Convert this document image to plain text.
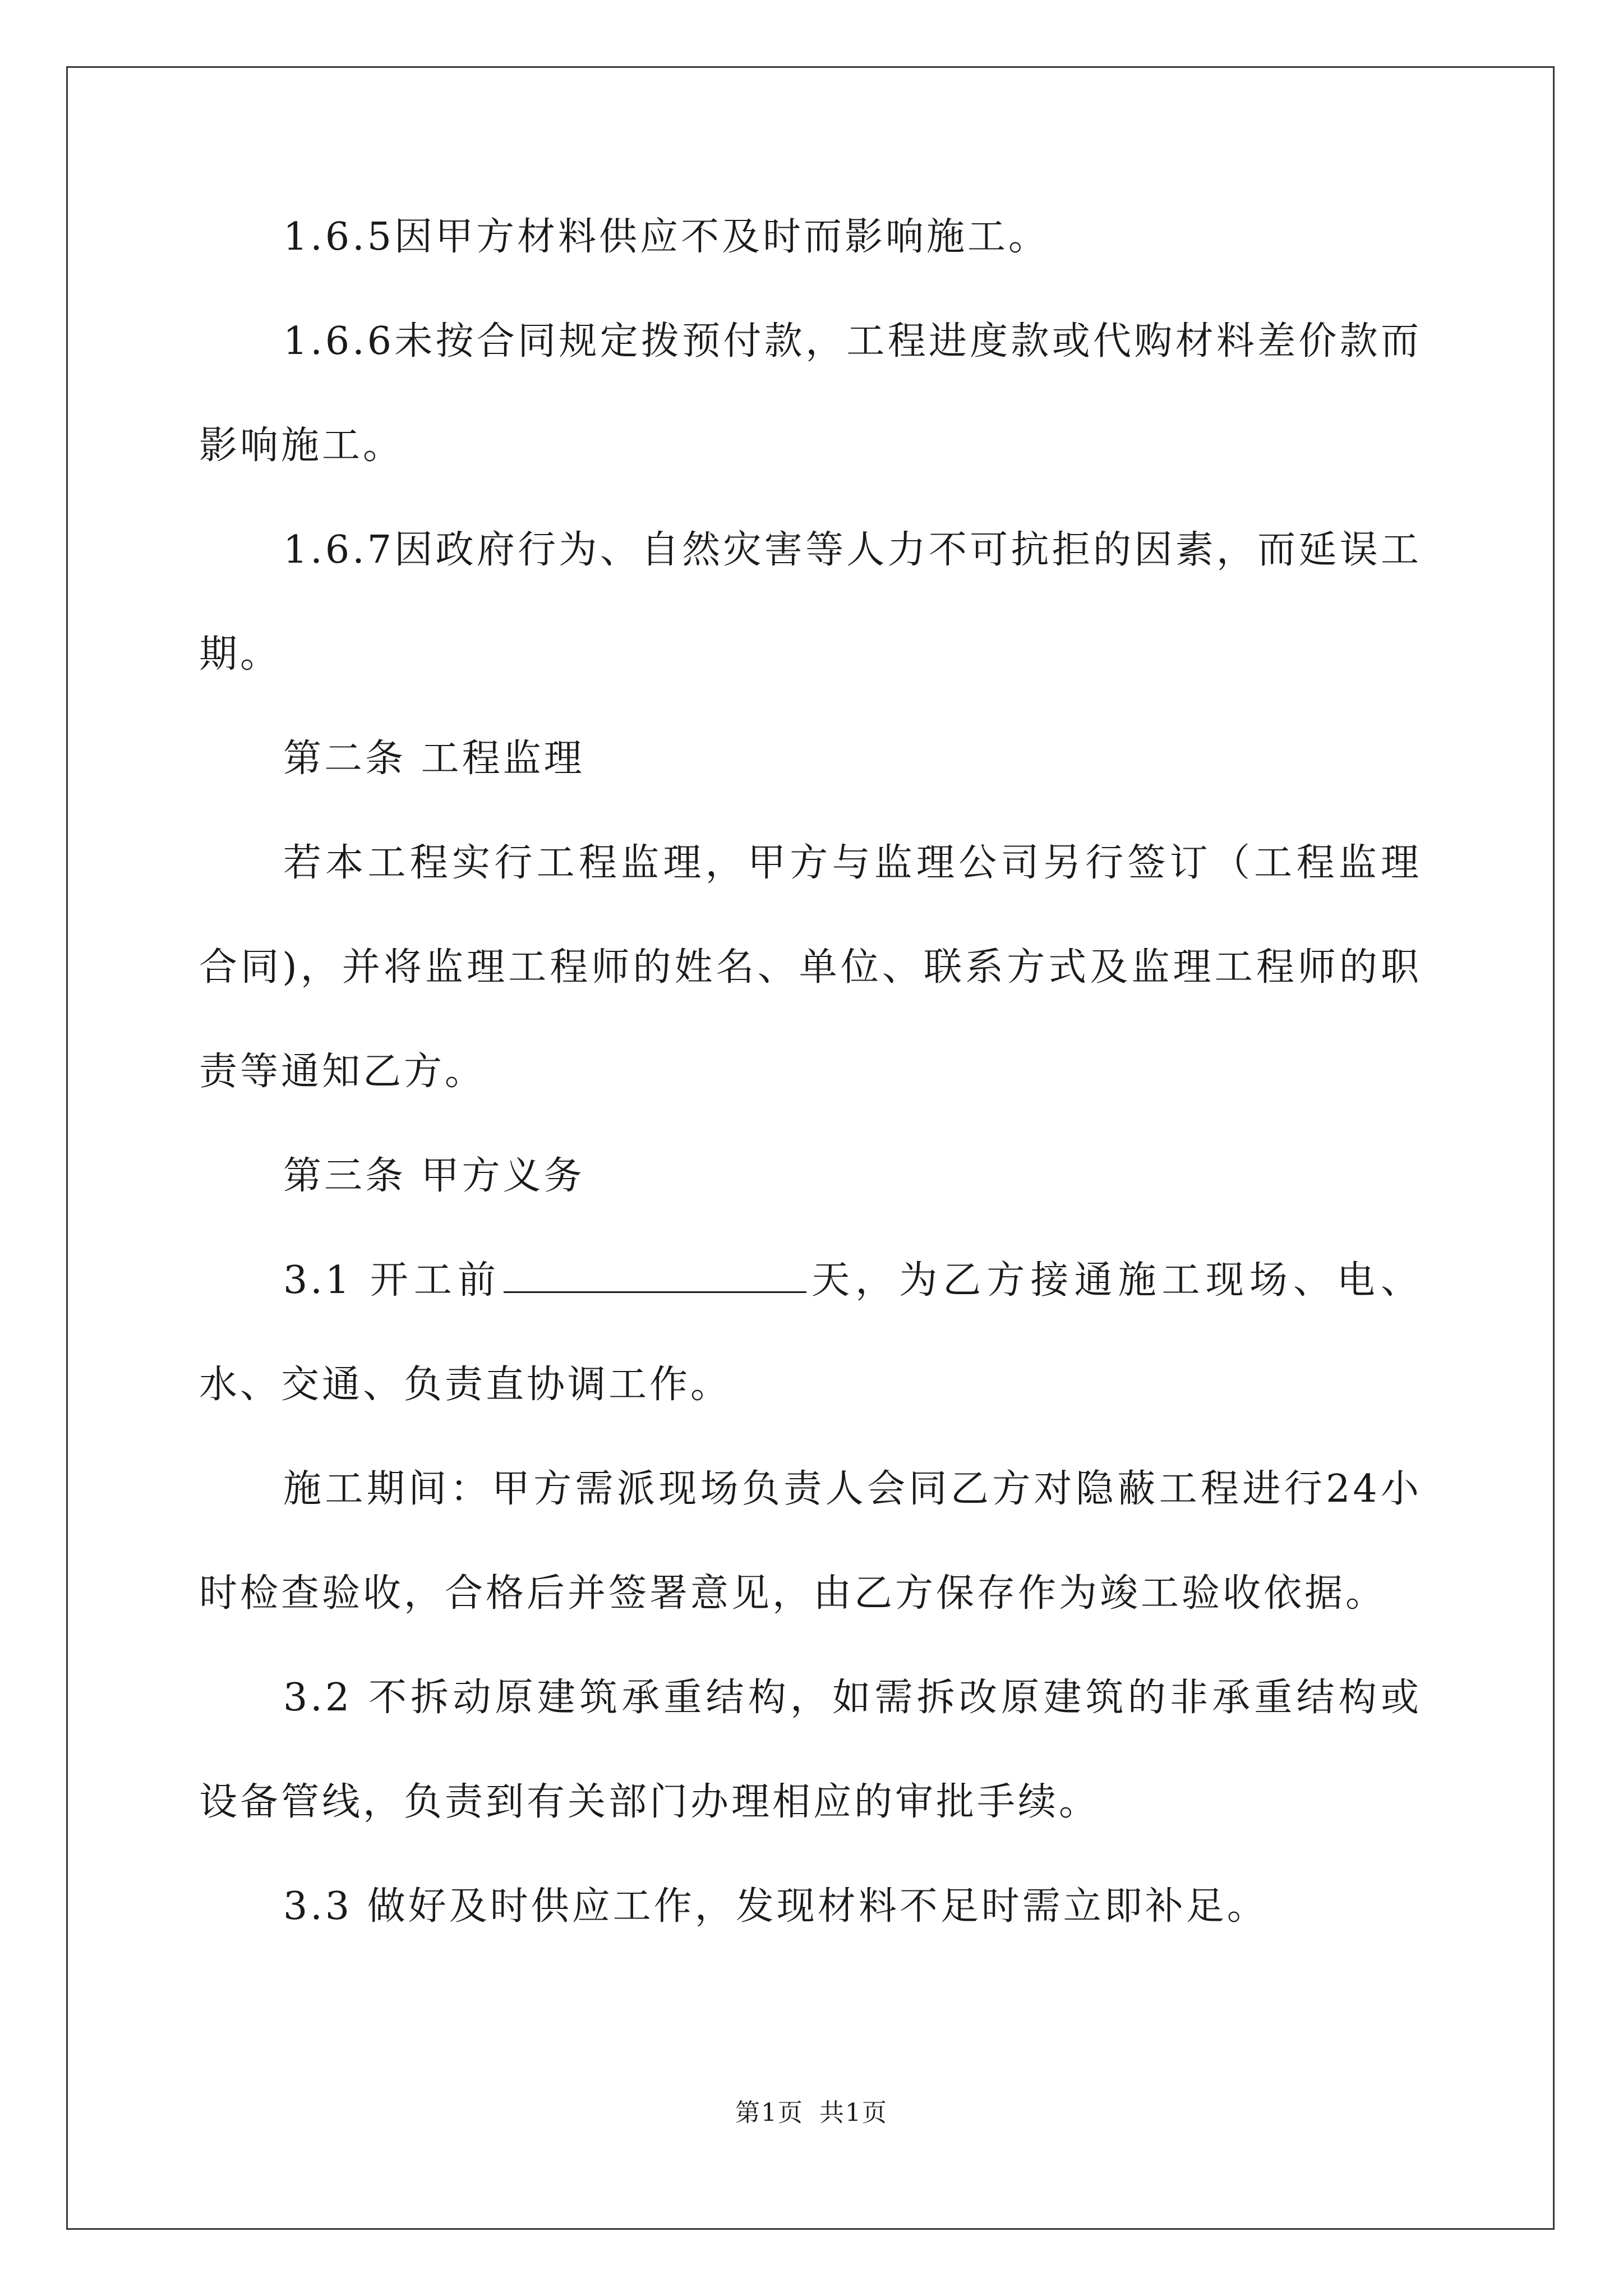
1.6.5因甲方材料供应不及时而影响施工。

1.6.6未按合同规定拨预付款，工程进度款或代购材料差价款而影响施工。

1.6.7因政府行为、自然灾害等人力不可抗拒的因素，而延误工期。

第二条 工程监理

若本工程实行工程监理，甲方与监理公司另行签订（工程监理合同)，并将监理工程师的姓名、单位、联系方式及监理工程师的职责等通知乙方。

第三条 甲方义务

3.1 开工前	天，为乙方接通施工现场、电、水、交通、负责直协调工作。

施工期间：甲方需派现场负责人会同乙方对隐蔽工程进行24小时检查验收，合格后并签署意见，由乙方保存作为竣工验收依据。

3.2 不拆动原建筑承重结构，如需拆改原建筑的非承重结构或设备管线，负责到有关部门办理相应的审批手续。

3.3 做好及时供应工作，发现材料不足时需立即补足。

第1页 共1页
